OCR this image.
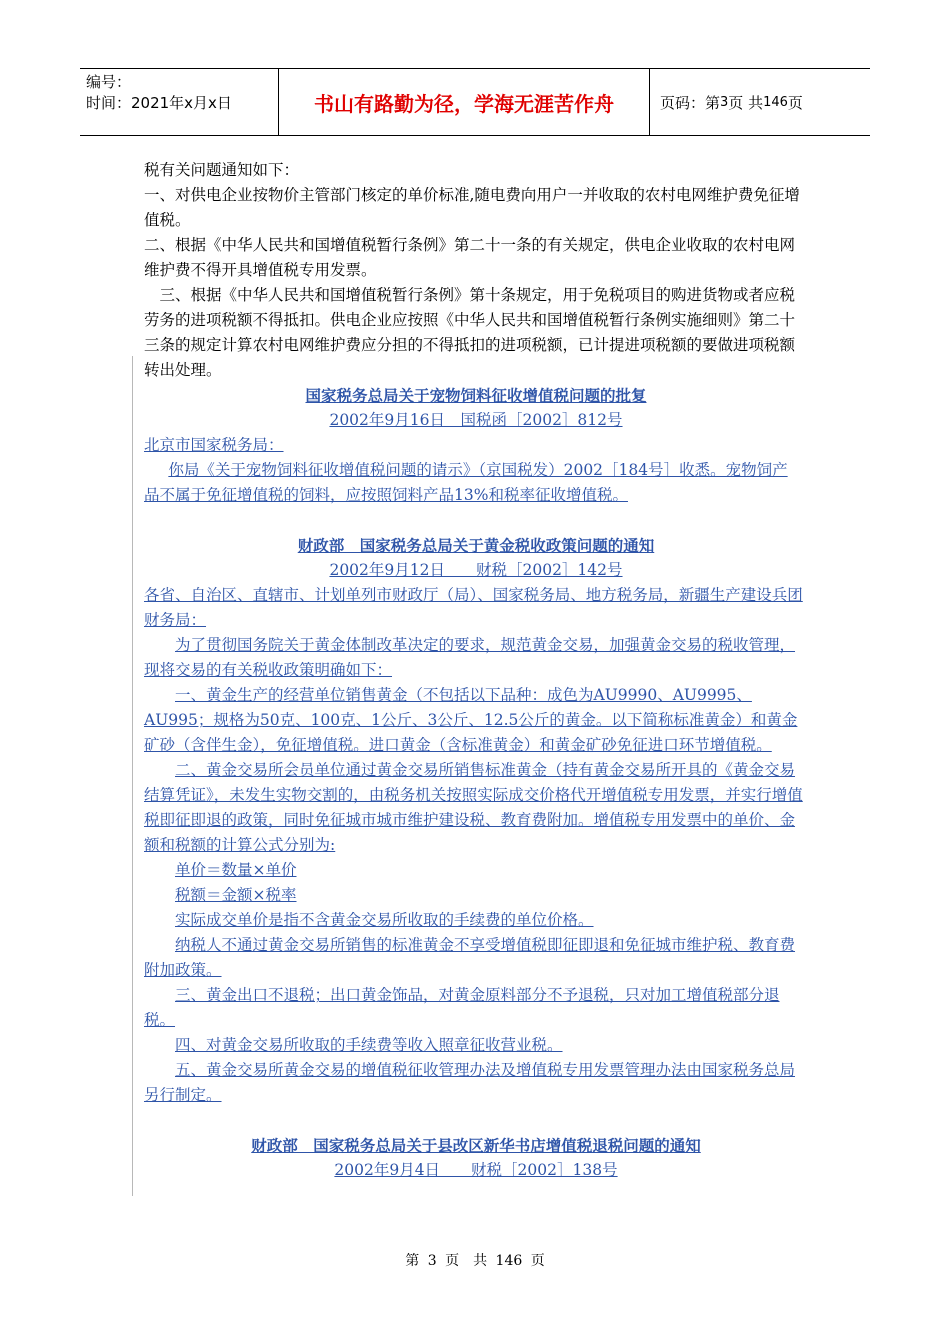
编号：
时间：2021年x月x日	书山有路勤为径，学海无涯苦作舟	页码：第 3 页 共 146 页

税有关问题通知如下：

一、对供电企业按物价主管部门核定的单价标准,随电费向用户一并收取的农村电网维护费免征增值税。

二、根据《中华人民共和国增值税暂行条例》第二十一条的有关规定，供电企业收取的农村电网维护费不得开具增值税专用发票。

三、根据《中华人民共和国增值税暂行条例》第十条规定，用于免税项目的购进货物或者应税劳务的进项税额不得抵扣。供电企业应按照《中华人民共和国增值税暂行条例实施细则》第二十三条的规定计算农村电网维护费应分担的不得抵扣的进项税额，已计提进项税额的要做进项税额转出处理。

国家税务总局关于宠物饲料征收增值税问题的批复

2002年9月16日　国税函［2002］812号

北京市国家税务局：

你局《关于宠物饲料征收增值税问题的请示》（京国税发）2002［184号］收悉。宠物饲产

品不属于免征增值税的饲料，应按照饲料产品13%和税率征收增值税。

财政部　国家税务总局关于黄金税收政策问题的通知

2002年9月12日　　财税［2002］142号

各省、自治区、直辖市、计划单列市财政厅（局）、国家税务局、地方税务局，新疆生产建设兵团财务局：

为了贯彻国务院关于黄金体制改革决定的要求，规范黄金交易，加强黄金交易的税收管理，现将交易的有关税收政策明确如下：

一、黄金生产的经营单位销售黄金（不包括以下品种：成色为AU9990、AU9995、AU995；规格为50克、100克、1公斤、3公斤、12.5公斤的黄金。以下简称标准黄金）和黄金矿砂（含伴生金），免征增值税。进口黄金（含标准黄金）和黄金矿砂免征进口环节增值税。

二、黄金交易所会员单位通过黄金交易所销售标准黄金（持有黄金交易所开具的《黄金交易结算凭证》，未发生实物交割的，由税务机关按照实际成交价格代开增值税专用发票，并实行增值税即征即退的政策，同时免征城市城市维护建设税、教育费附加。增值税专用发票中的单价、金额和税额的计算公式分别为:

单价＝数量×单价

税额＝金额×税率

实际成交单价是指不含黄金交易所收取的手续费的单位价格。

纳税人不通过黄金交易所销售的标准黄金不享受增值税即征即退和免征城市维护税、教育费附加政策。

三、黄金出口不退税；出口黄金饰品，对黄金原料部分不予退税，只对加工增值税部分退税。

四、对黄金交易所收取的手续费等收入照章征收营业税。

五、黄金交易所黄金交易的增值税征收管理办法及增值税专用发票管理办法由国家税务总局另行制定。

财政部　国家税务总局关于县改区新华书店增值税退税问题的通知

2002年9月4日　　财税［2002］138号

第 3 页　共 146 页
